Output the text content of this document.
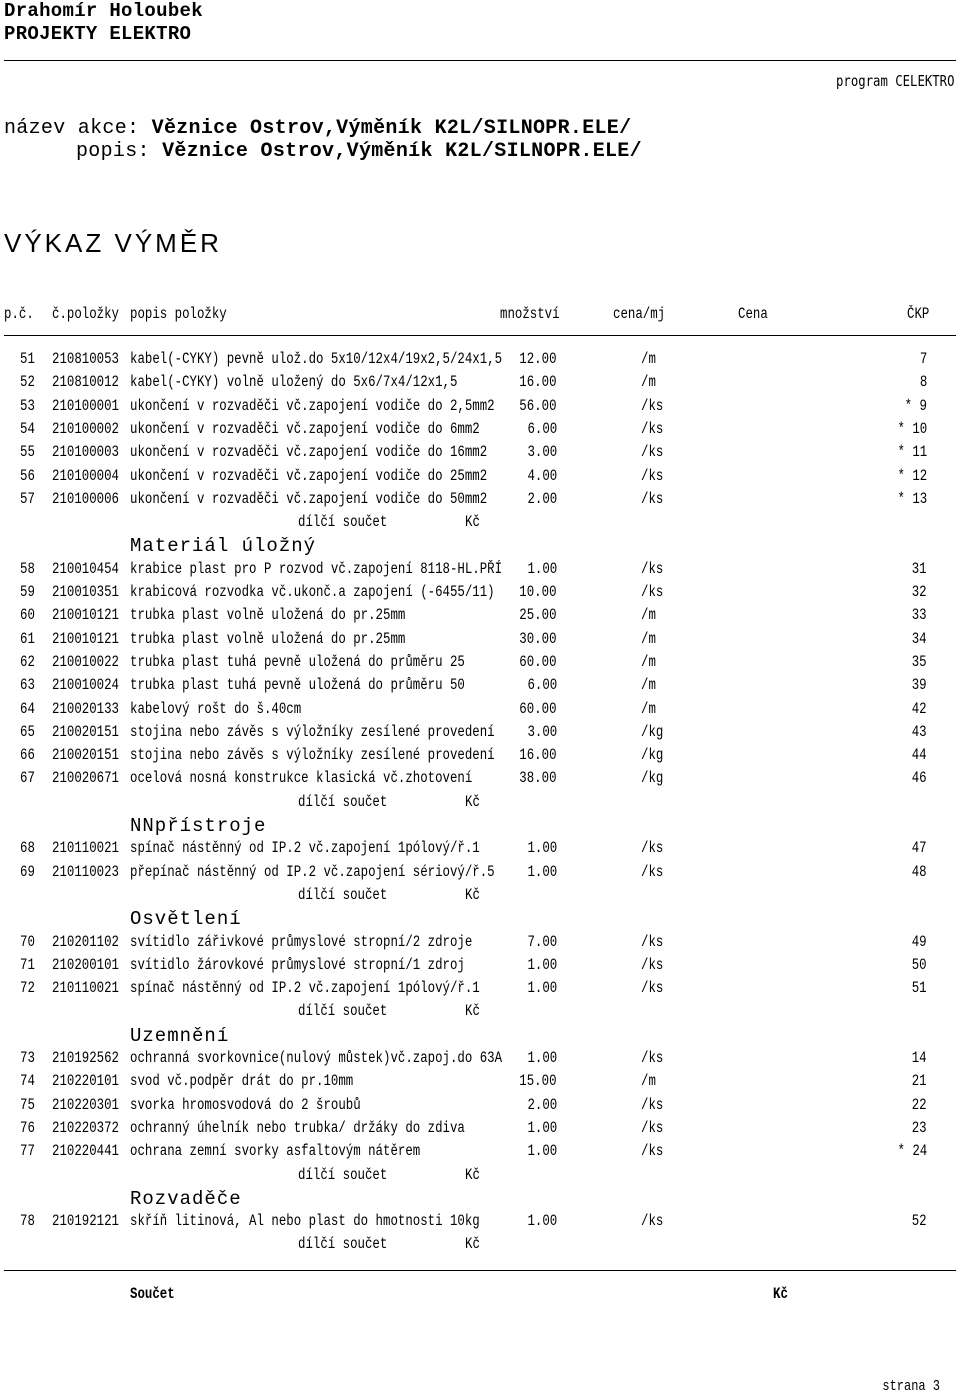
Drahomír Holoubek
PROJEKTY ELEKTRO
program CELEKTRO
název akce: Věznice Ostrov,Výměník K2L/SILNOPR.ELE/
popis: Věznice Ostrov,Výměník K2L/SILNOPR.ELE/
VÝKAZ VÝMĚR
p.č. č.položky popis položky	množství	cena/mj	Cena	ČKP
51 210810053 kabel(-CYKY) pevně ulož.do 5x10/12x4/19x2,5/24x1,5 12.00	/m	7
52 210810012 kabel(-CYKY) volně uložený do 5x6/7x4/12x1,5	16.00	/m	8
53 210100001 ukončení v rozvaděči vč.zapojení vodiče do 2,5mm2 56.00	/ks	* 9
54 210100002 ukončení v rozvaděči vč.zapojení vodiče do 6mm2	6.00	/ks	* 10
55 210100003 ukončení v rozvaděči vč.zapojení vodiče do 16mm2	3.00	/ks	* 11
56 210100004 ukončení v rozvaděči vč.zapojení vodiče do 25mm2	4.00	/ks	* 12
57 210100006 ukončení v rozvaděči vč.zapojení vodiče do 50mm2	2.00	/ks	* 13
dílčí součet	Kč
Materiál úložný
58 210010454 krabice plast pro P rozvod vč.zapojení 8118-HL.PŘÍ 1.00	/ks	31
59 210010351 krabicová rozvodka vč.ukonč.a zapojení (-6455/11) 10.00	/ks	32
60 210010121 trubka plast volně uložená do pr.25mm	25.00	/m	33
61 210010121 trubka plast volně uložená do pr.25mm	30.00	/m	34
62 210010022 trubka plast tuhá pevně uložená do průměru 25	60.00	/m	35
63 210010024 trubka plast tuhá pevně uložená do průměru 50	6.00	/m	39
64 210020133 kabelový rošt do š.40cm	60.00	/m	42
65 210020151 stojina nebo závěs s výložníky zesílené provedení 3.00	/kg	43
66 210020151 stojina nebo závěs s výložníky zesílené provedení 16.00	/kg	44
67 210020671 ocelová nosná konstrukce klasická vč.zhotovení	38.00	/kg	46
dílčí součet	Kč
NNpřístroje
68 210110021 spínač nástěnný od IP.2 vč.zapojení 1pólový/ř.1	1.00	/ks	47
69 210110023 přepínač nástěnný od IP.2 vč.zapojení sériový/ř.5 1.00	/ks	48
dílčí součet	Kč
Osvětlení
70 210201102 svítidlo zářivkové průmyslové stropní/2 zdroje	7.00	/ks	49
71 210200101 svítidlo žárovkové průmyslové stropní/1 zdroj	1.00	/ks	50
72 210110021 spínač nástěnný od IP.2 vč.zapojení 1pólový/ř.1	1.00	/ks	51
dílčí součet	Kč
Uzemnění
73 210192562 ochranná svorkovnice(nulový můstek)vč.zapoj.do 63A 1.00	/ks	14
74 210220101 svod vč.podpěr drát do pr.10mm	15.00	/m	21
75 210220301 svorka hromosvodová do 2 šroubů	2.00	/ks	22
76 210220372 ochranný úhelník nebo trubka/ držáky do zdiva	1.00	/ks	23
77 210220441 ochrana zemní svorky asfaltovým nátěrem	1.00	/ks	* 24
dílčí součet	Kč
Rozvaděče
78 210192121 skříň litinová, Al nebo plast do hmotnosti 10kg	1.00	/ks	52
dílčí součet	Kč
Součet	Kč
strana 3
